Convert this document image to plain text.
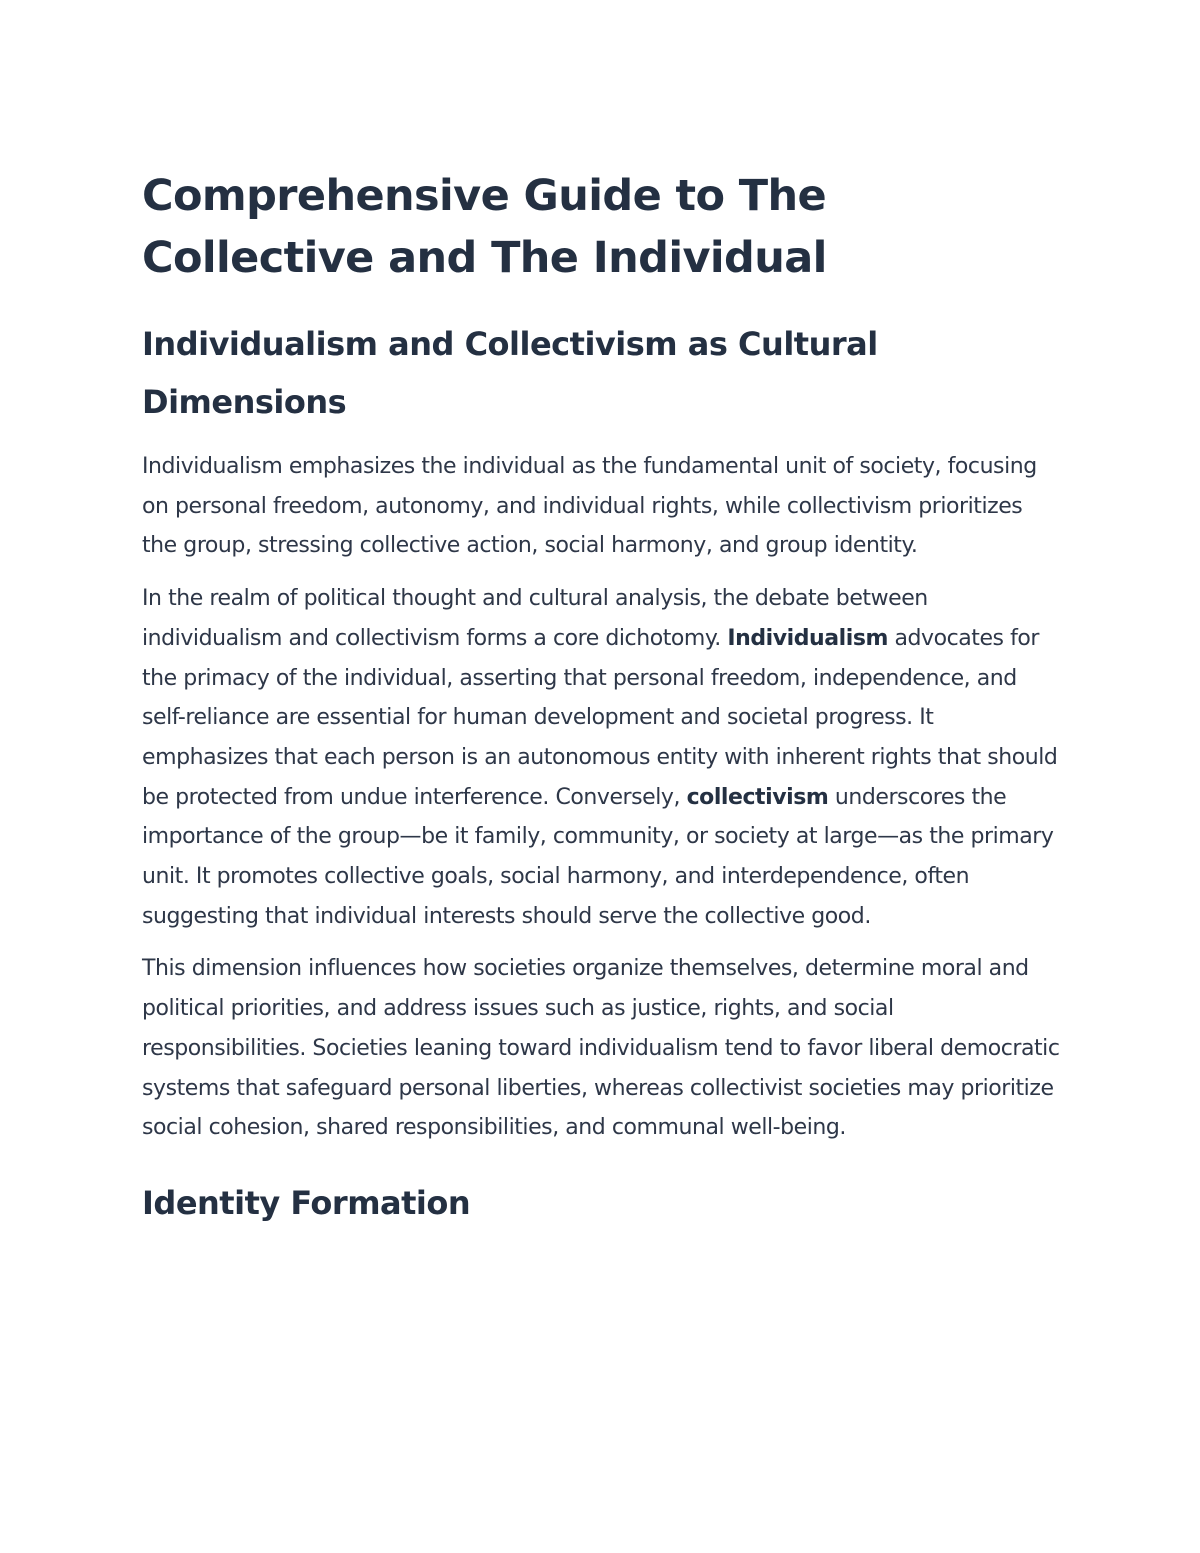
Comprehensive Guide to The Collective and The Individual
Individualism and Collectivism as Cultural Dimensions

Individualism emphasizes the individual as the fundamental unit of society, focusing on personal freedom, autonomy, and individual rights, while collectivism prioritizes the group, stressing collective action, social harmony, and group identity.

In the realm of political thought and cultural analysis, the debate between individualism and collectivism forms a core dichotomy. Individualism advocates for the primacy of the individual, asserting that personal freedom, independence, and self-reliance are essential for human development and societal progress. It emphasizes that each person is an autonomous entity with inherent rights that should be protected from undue interference. Conversely, collectivism underscores the importance of the group—be it family, community, or society at large—as the primary unit. It promotes collective goals, social harmony, and interdependence, often suggesting that individual interests should serve the collective good.

This dimension influences how societies organize themselves, determine moral and political priorities, and address issues such as justice, rights, and social responsibilities. Societies leaning toward individualism tend to favor liberal democratic systems that safeguard personal liberties, whereas collectivist societies may prioritize social cohesion, shared responsibilities, and communal well-being.

Identity Formation
